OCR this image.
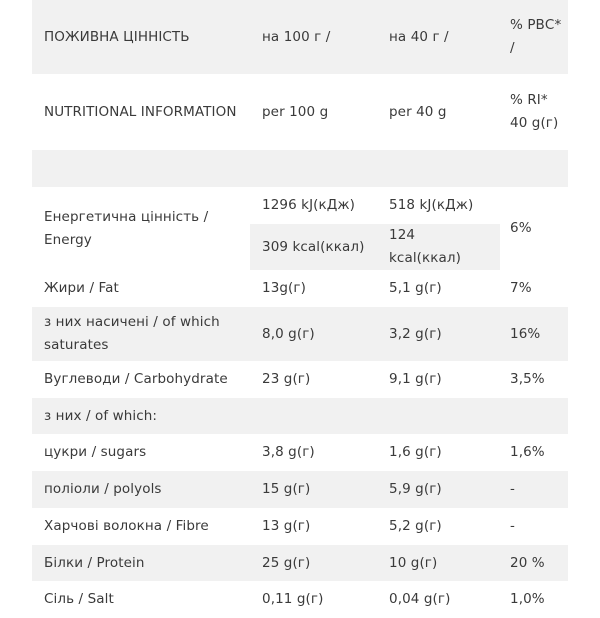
ПОЖИВНА ЦІННІСТЬ	на 100 г /	на 40 г /	% РВС* /
NUTRITIONAL INFORMATION	per 100 g	per 40 g	% RI* 40 g(г)

Енергетична цінність / Energy	1296 kJ(кДж)	518 kJ(кДж)	6%
	309 kcal(ккал)	124 kcal(ккал)	
Жири / Fat	13g(г)	5,1 g(г)	7%
з них насичені / of which saturates	8,0 g(г)	3,2 g(г)	16%
Вуглеводи / Carbohydrate	23 g(г)	9,1 g(г)	3,5%
з них / of which:			
цукри / sugars	3,8 g(г)	1,6 g(г)	1,6%
поліоли / polyols	15 g(г)	5,9 g(г)	-
Харчові волокна / Fibre	13 g(г)	5,2 g(г)	-
Білки / Protein	25 g(г)	10 g(г)	20 %
Сіль / Salt	0,11 g(г)	0,04 g(г)	1,0%
